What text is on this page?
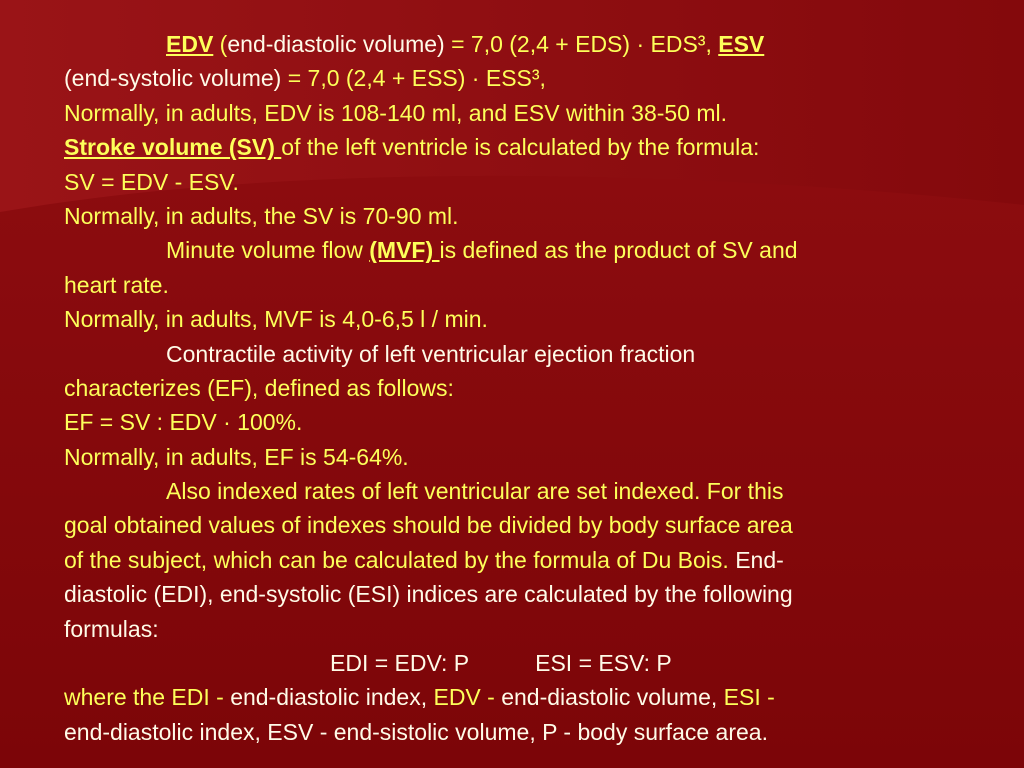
EDV (end-diastolic volume) = 7,0 (2,4 + EDS) · EDS³, ESV
(end-systolic volume) = 7,0 (2,4 + ESS) · ESS³,
Normally, in adults, EDV is 108-140 ml, and ESV within 38-50 ml.
Stroke volume (SV) of the left ventricle is calculated by the formula:
SV = EDV - ESV.
Normally, in adults, the SV is 70-90 ml.
Minute volume flow (MVF) is defined as the product of SV and
heart rate.
Normally, in adults, MVF is 4,0-6,5 l / min.
Contractile activity of left ventricular ejection fraction
characterizes (EF), defined as follows:
EF = SV : EDV · 100%.
Normally, in adults, EF is 54-64%.
Also indexed rates of left ventricular are set indexed. For this
goal obtained values of indexes should be divided by body surface area
of the subject, which can be calculated by the formula of Du Bois. End-
diastolic (EDI), end-systolic (ESI) indices are calculated by the following
formulas:
EDI = EDV: P	ESI = ESV: P
where the EDI - end-diastolic index, EDV - end-diastolic volume, ESI -
end-diastolic index, ESV - end-sistolic volume, P - body surface area.
